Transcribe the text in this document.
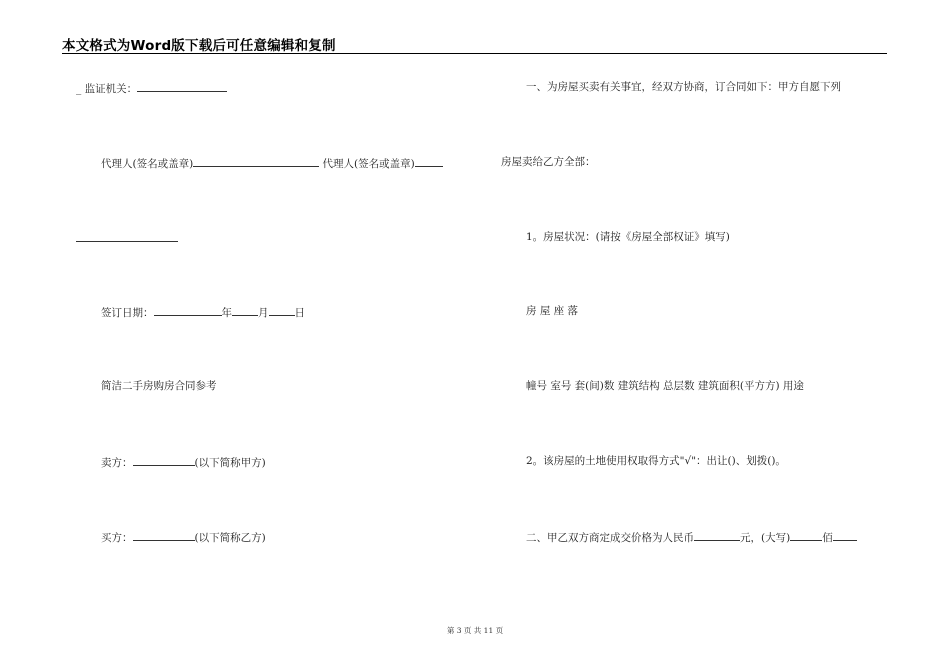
本文格式为Word版下载后可任意编辑和复制
_ 监证机关：
代理人(签名或盖章)	代理人(签名或盖章)
签订日期：	年 月 日
简洁二手房购房合同参考
卖方：	(以下简称甲方)
买方：	(以下简称乙方)
一、为房屋买卖有关事宜，经双方协商，订合同如下：甲方自愿下列
房屋卖给乙方全部：
1。房屋状况：(请按《房屋全部权证》填写)
房 屋 座 落
幢号 室号 套(间)数 建筑结构 总层数 建筑面积(平方方) 用途
2。该房屋的土地使用权取得方式"√"：出让()、划拨()。
二、甲乙双方商定成交价格为人民币	元，(大写)	佰
第 3 页 共 11 页
